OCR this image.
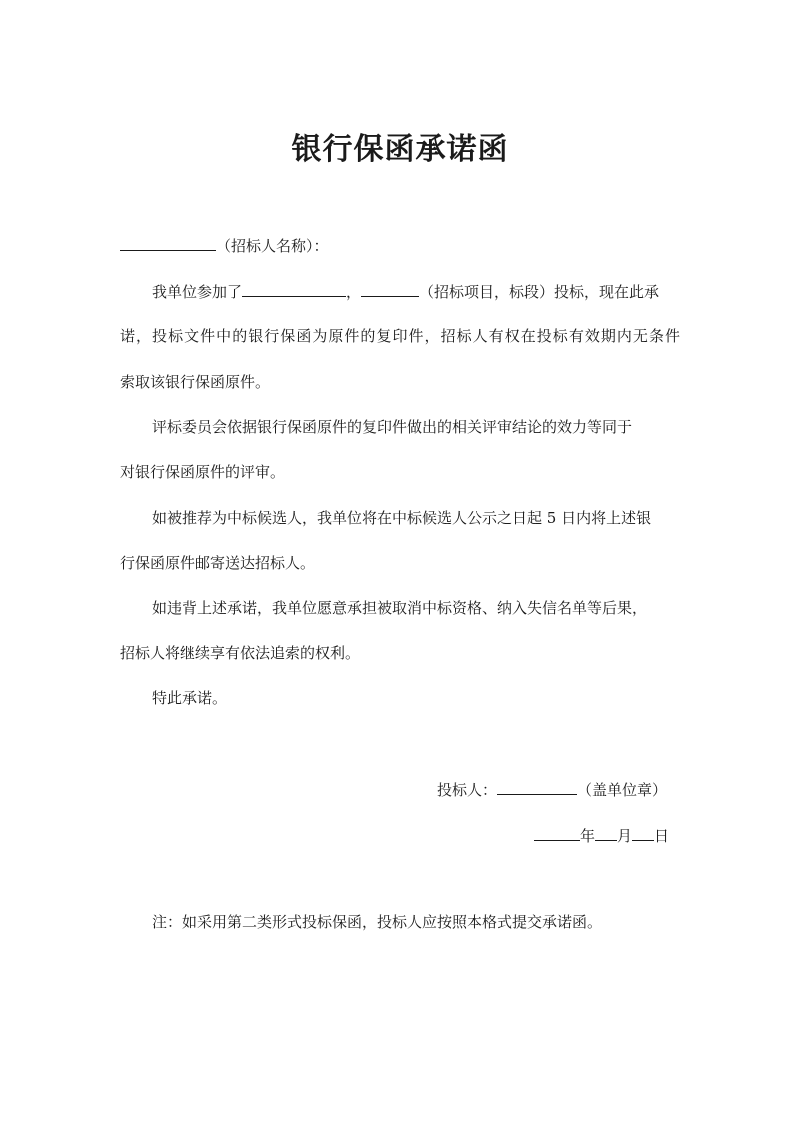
银行保函承诺函
（招标人名称）：
我单位参加了	，	（招标项目，标段）投标，现在此承
诺，投标文件中的银行保函为原件的复印件，招标人有权在投标有效期内无条件
索取该银行保函原件。
评标委员会依据银行保函原件的复印件做出的相关评审结论的效力等同于
对银行保函原件的评审。
如被推荐为中标候选人，我单位将在中标候选人公示之日起 5 日内将上述银
行保函原件邮寄送达招标人。
如违背上述承诺，我单位愿意承担被取消中标资格、纳入失信名单等后果，
招标人将继续享有依法追索的权利。
特此承诺。
投标人：	（盖单位章）
年 月 日
注：如采用第二类形式投标保函，投标人应按照本格式提交承诺函。
